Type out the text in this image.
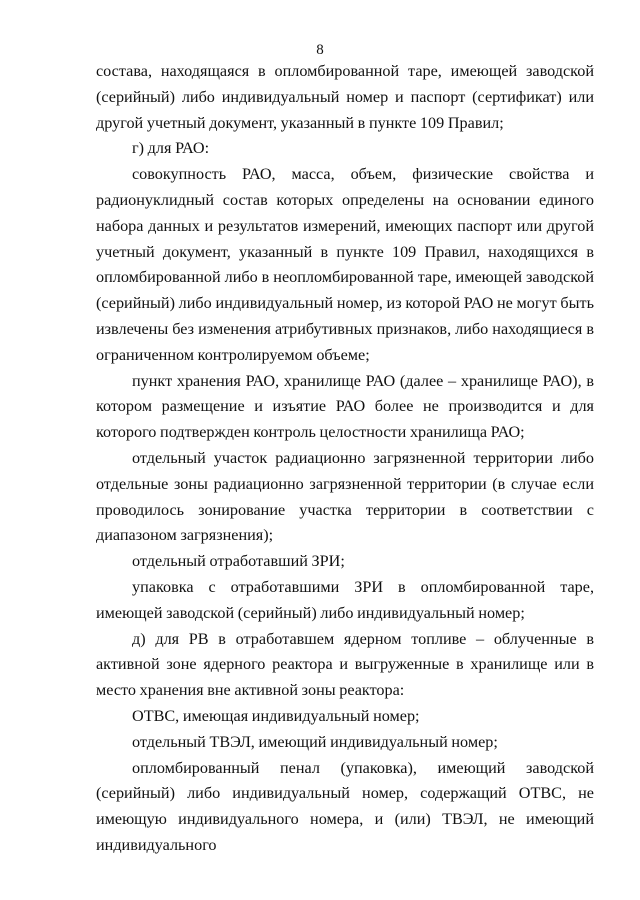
8

состава, находящаяся в опломбированной таре, имеющей заводской (серийный) либо индивидуальный номер и паспорт (сертификат) или другой учетный документ, указанный в пункте 109 Правил;

г) для РАО:

совокупность РАО, масса, объем, физические свойства и радионуклидный состав которых определены на основании единого набора данных и результатов измерений, имеющих паспорт или другой учетный документ, указанный в пункте 109 Правил, находящихся в опломбированной либо в неопломбированной таре, имеющей заводской (серийный) либо индивидуальный номер, из которой РАО не могут быть извлечены без изменения атрибутивных признаков, либо находящиеся в ограниченном контролируемом объеме;

пункт хранения РАО, хранилище РАО (далее – хранилище РАО), в котором размещение и изъятие РАО более не производится и для которого подтвержден контроль целостности хранилища РАО;

отдельный участок радиационно загрязненной территории либо отдельные зоны радиационно загрязненной территории (в случае если проводилось зонирование участка территории в соответствии с диапазоном загрязнения);

отдельный отработавший ЗРИ;

упаковка с отработавшими ЗРИ в опломбированной таре, имеющей заводской (серийный) либо индивидуальный номер;

д) для РВ в отработавшем ядерном топливе – облученные в активной зоне ядерного реактора и выгруженные в хранилище или в место хранения вне активной зоны реактора:

ОТВС, имеющая индивидуальный номер;

отдельный ТВЭЛ, имеющий индивидуальный номер;

опломбированный пенал (упаковка), имеющий заводской (серийный) либо индивидуальный номер, содержащий ОТВС, не имеющую индивидуального номера, и (или) ТВЭЛ, не имеющий индивидуального
